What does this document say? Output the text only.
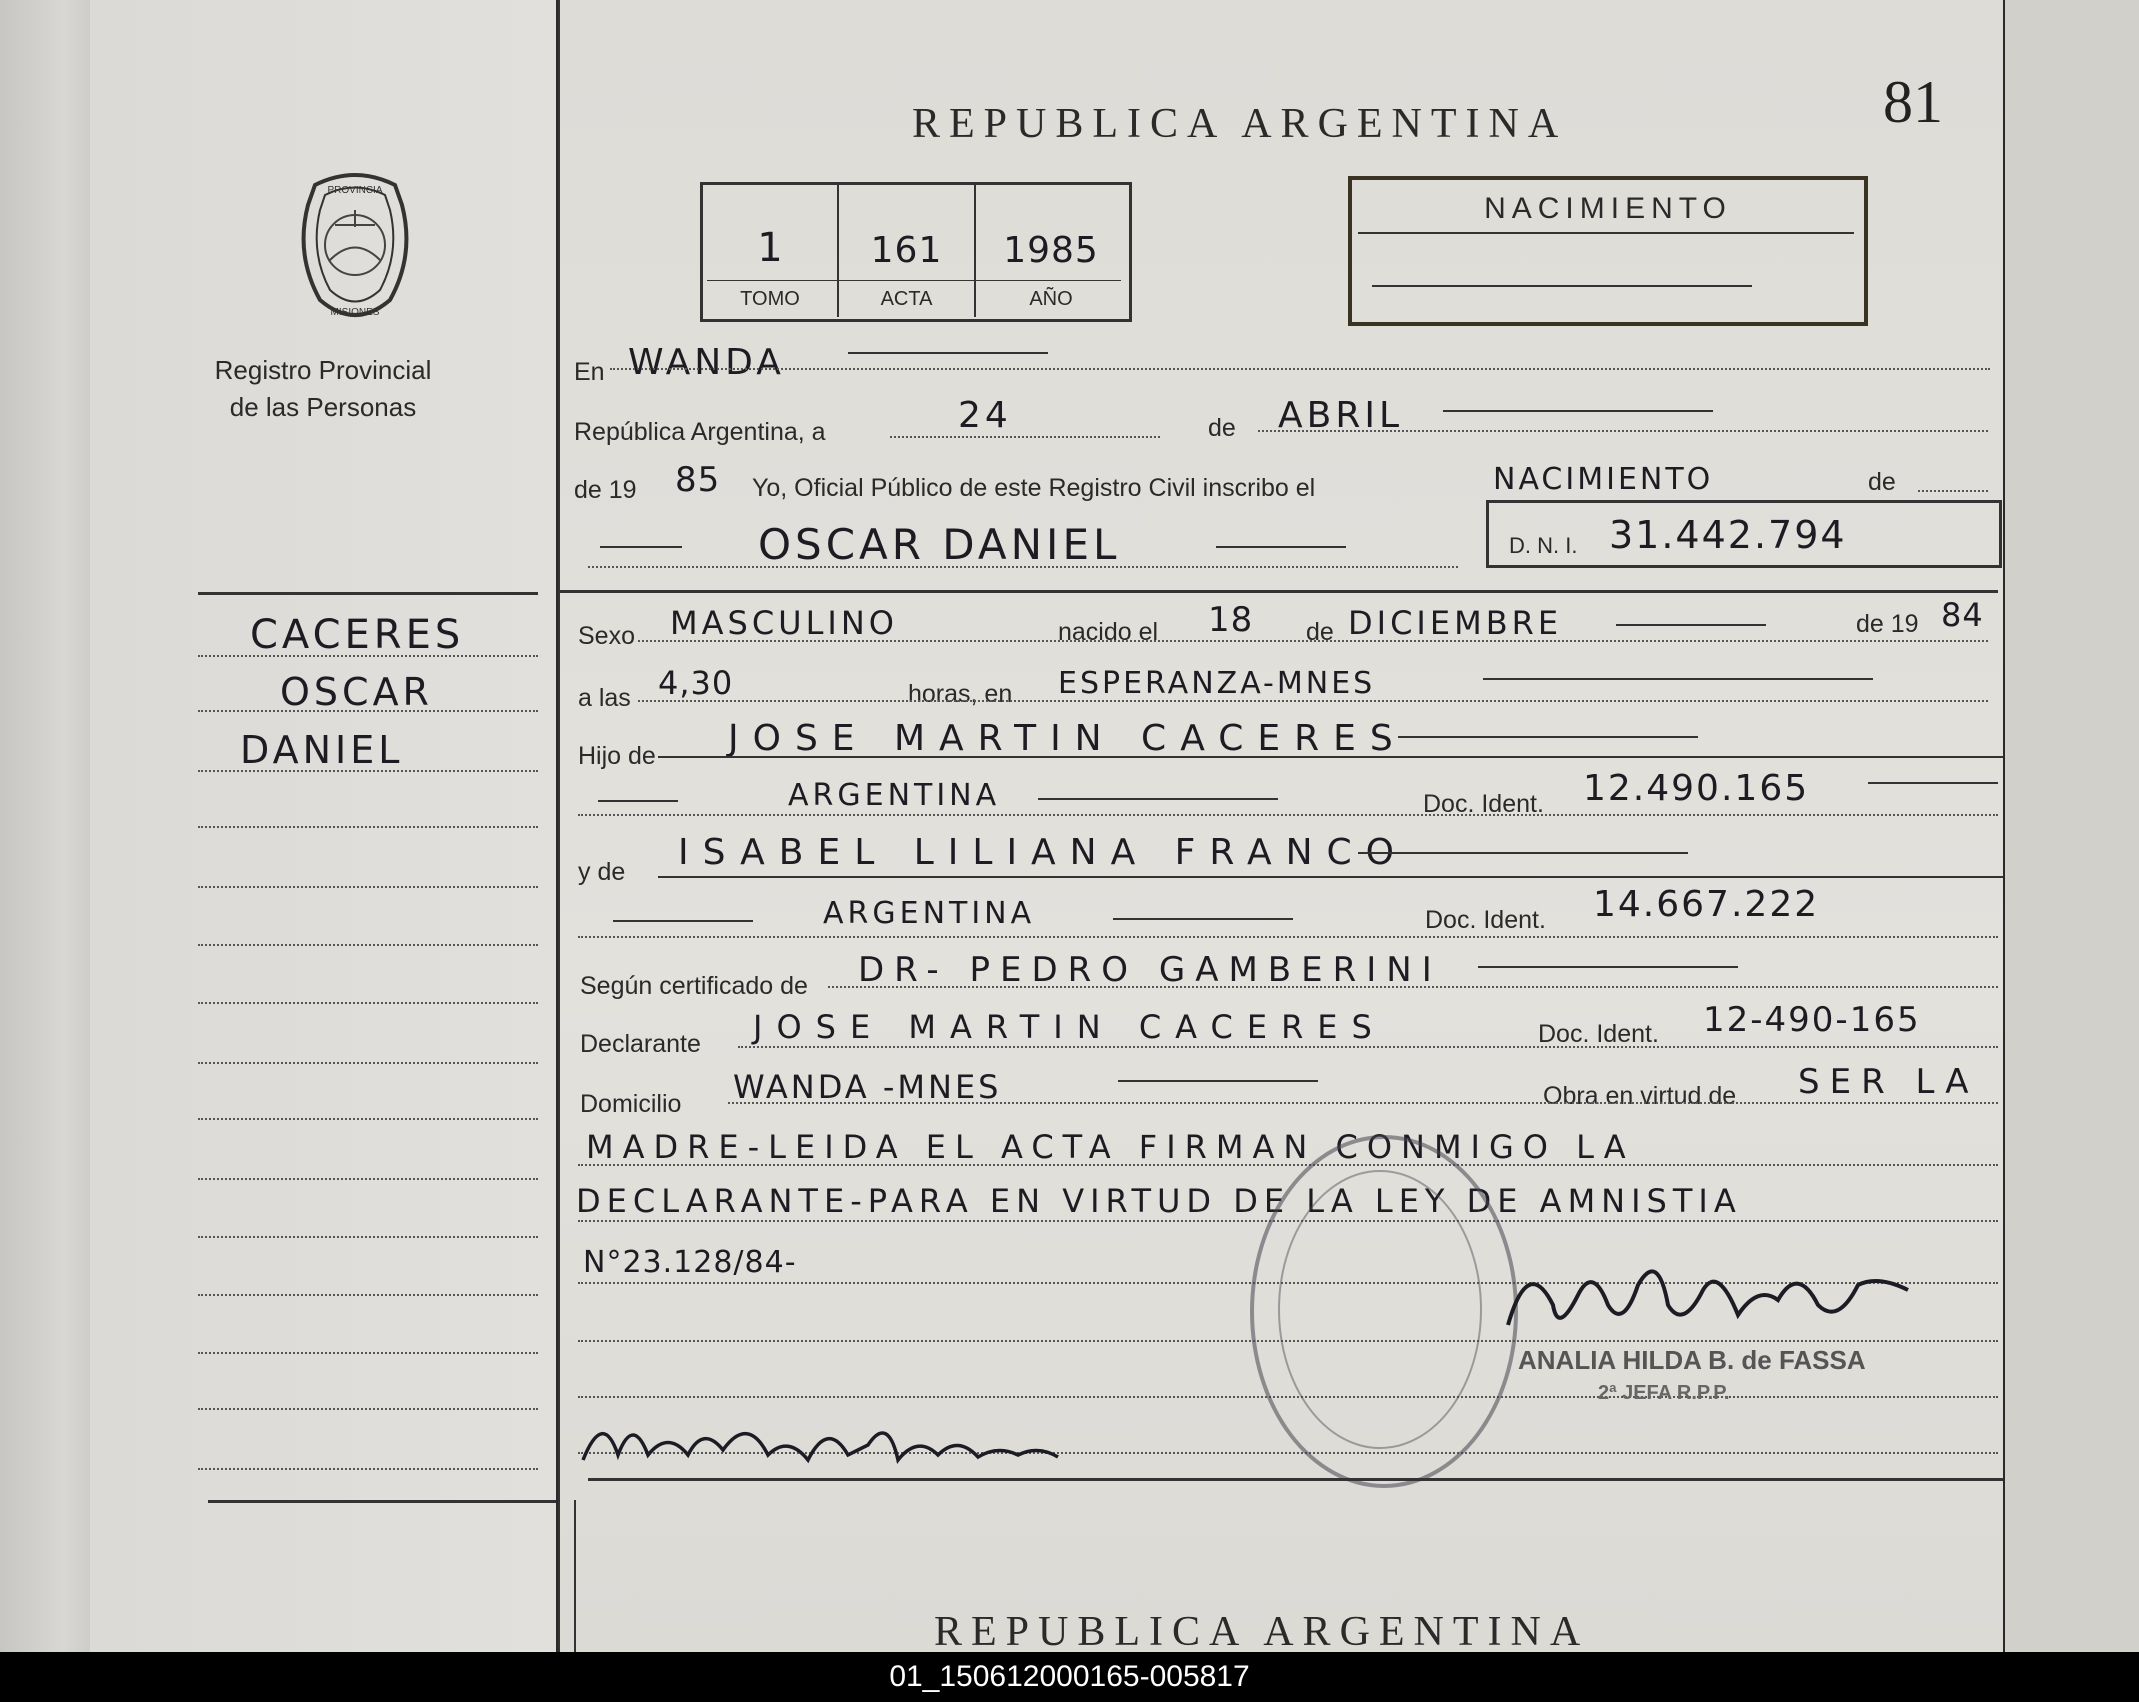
PROVINCIA
MISIONES
Registro Provincial
de las Personas
CACERES
OSCAR
DANIEL
REPUBLICA ARGENTINA	81
1	161	1985
TOMO	ACTA	AÑO
NACIMIENTO
En WANDA
República Argentina, a	24	de ABRIL
de 19 85 Yo, Oficial Público de este Registro Civil inscribo el	NACIMIENTO	de
OSCAR DANIEL	D. N. I. 31.442.794
Sexo MASCULINO	nacido el 18 de DICIEMBRE	de 19 84
a las 4,30	horas, en ESPERANZA-MNES
Hijo de JOSE MARTIN CACERES
ARGENTINA	Doc. Ident. 12.490.165
y de ISABEL LILIANA FRANCO
ARGENTINA	Doc. Ident. 14.667.222
Según certificado de DR- PEDRO GAMBERINI
Declarante JOSE MARTIN CACERES	Doc. Ident. 12-490-165
Domicilio WANDA -MNES	Obra en virtud de SER LA
MADRE-LEIDA EL ACTA FIRMAN CONMIGO LA
DECLARANTE-PARA EN VIRTUD DE LA LEY DE AMNISTIA
N°23.128/84-
ANALIA HILDA B. de FASSA
2ª JEFA R.P.P.
REPUBLICA ARGENTINA
01_150612000165-005817
